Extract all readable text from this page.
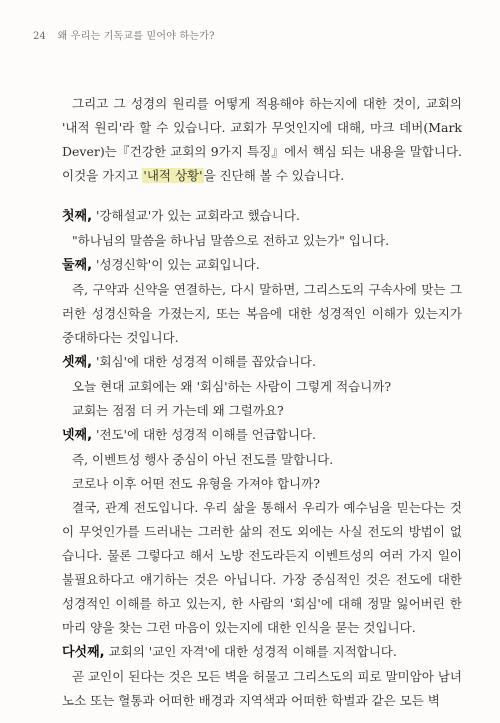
24 왜 우리는 기독교를 믿어야 하는가?

그리고 그 성경의 원리를 어떻게 적용해야 하는지에 대한 것이, 교회의 '내적 원리'라 할 수 있습니다. 교회가 무엇인지에 대해, 마크 데버(Mark Dever)는『건강한 교회의 9가지 특징』에서 핵심 되는 내용을 말합니다. 이것을 가지고 '내적 상황'을 진단해 볼 수 있습니다.

첫째, '강해설교'가 있는 교회라고 했습니다.

"하나님의 말씀을 하나님 말씀으로 전하고 있는가" 입니다.

둘째, '성경신학'이 있는 교회입니다.

즉, 구약과 신약을 연결하는, 다시 말하면, 그리스도의 구속사에 맞는 그러한 성경신학을 가졌는지, 또는 복음에 대한 성경적인 이해가 있는지가 중대하다는 것입니다.

셋째, '회심'에 대한 성경적 이해를 꼽았습니다.

오늘 현대 교회에는 왜 '회심'하는 사람이 그렇게 적습니까?

교회는 점점 더 커 가는데 왜 그럴까요?

넷째, '전도'에 대한 성경적 이해를 언급합니다.

즉, 이벤트성 행사 중심이 아닌 전도를 말합니다.

코로나 이후 어떤 전도 유형을 가져야 합니까?

결국, 관계 전도입니다. 우리 삶을 통해서 우리가 예수님을 믿는다는 것이 무엇인가를 드러내는 그러한 삶의 전도 외에는 사실 전도의 방법이 없습니다. 물론 그렇다고 해서 노방 전도라든지 이벤트성의 여러 가지 일이 불필요하다고 얘기하는 것은 아닙니다. 가장 중심적인 것은 전도에 대한 성경적인 이해를 하고 있는지, 한 사람의 '회심'에 대해 정말 잃어버린 한 마리 양을 찾는 그런 마음이 있는지에 대한 인식을 묻는 것입니다.

다섯째, 교회의 '교인 자격'에 대한 성경적 이해를 지적합니다.

곧 교인이 된다는 것은 모든 벽을 허물고 그리스도의 피로 말미암아 남녀노소 또는 혈통과 어떠한 배경과 지역색과 어떠한 학벌과 같은 모든 벽
